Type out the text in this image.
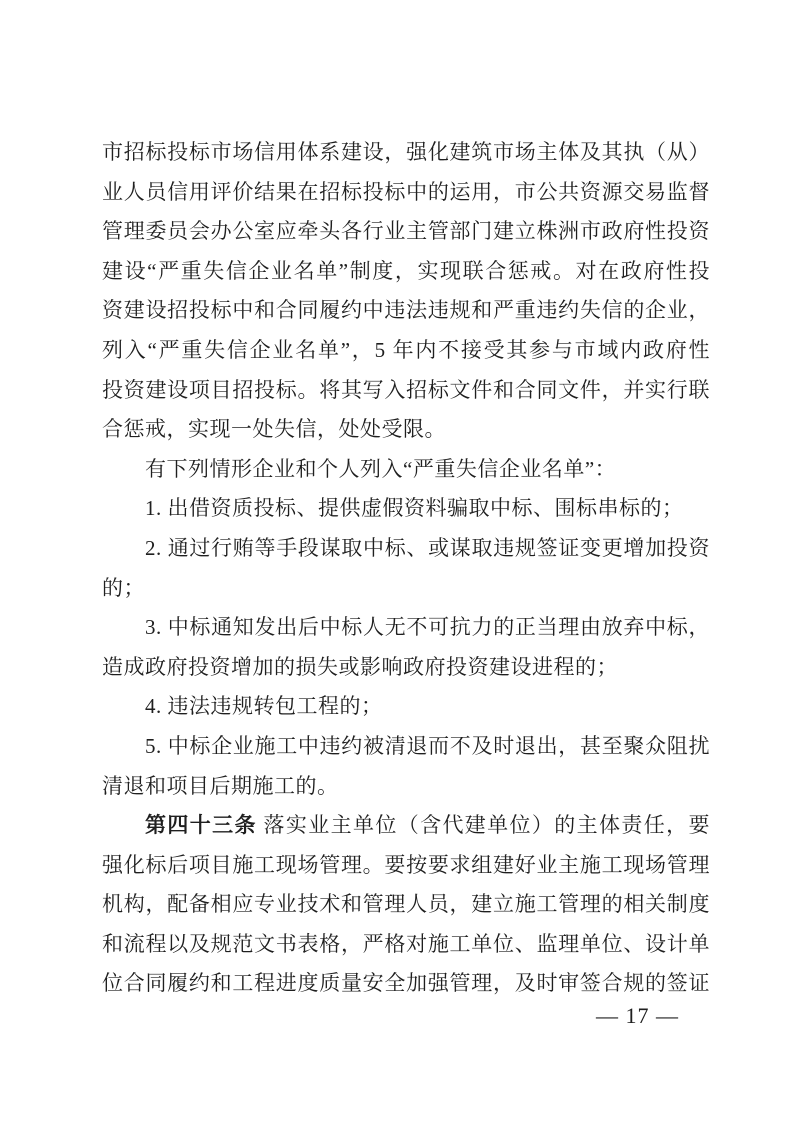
市招标投标市场信用体系建设，强化建筑市场主体及其执（从）
业人员信用评价结果在招标投标中的运用，市公共资源交易监督
管理委员会办公室应牵头各行业主管部门建立株洲市政府性投资
建设“严重失信企业名单”制度，实现联合惩戒。对在政府性投
资建设招投标中和合同履约中违法违规和严重违约失信的企业，
列入“严重失信企业名单”，5 年内不接受其参与市域内政府性
投资建设项目招投标。将其写入招标文件和合同文件，并实行联
合惩戒，实现一处失信，处处受限。
有下列情形企业和个人列入“严重失信企业名单”：
1. 出借资质投标、提供虚假资料骗取中标、围标串标的；
2. 通过行贿等手段谋取中标、或谋取违规签证变更增加投资
的；
3. 中标通知发出后中标人无不可抗力的正当理由放弃中标，
造成政府投资增加的损失或影响政府投资建设进程的；
4. 违法违规转包工程的；
5. 中标企业施工中违约被清退而不及时退出，甚至聚众阻扰
清退和项目后期施工的。
第四十三条 落实业主单位（含代建单位）的主体责任，要
强化标后项目施工现场管理。要按要求组建好业主施工现场管理
机构，配备相应专业技术和管理人员，建立施工管理的相关制度
和流程以及规范文书表格，严格对施工单位、监理单位、设计单
位合同履约和工程进度质量安全加强管理，及时审签合规的签证
— 17 —
